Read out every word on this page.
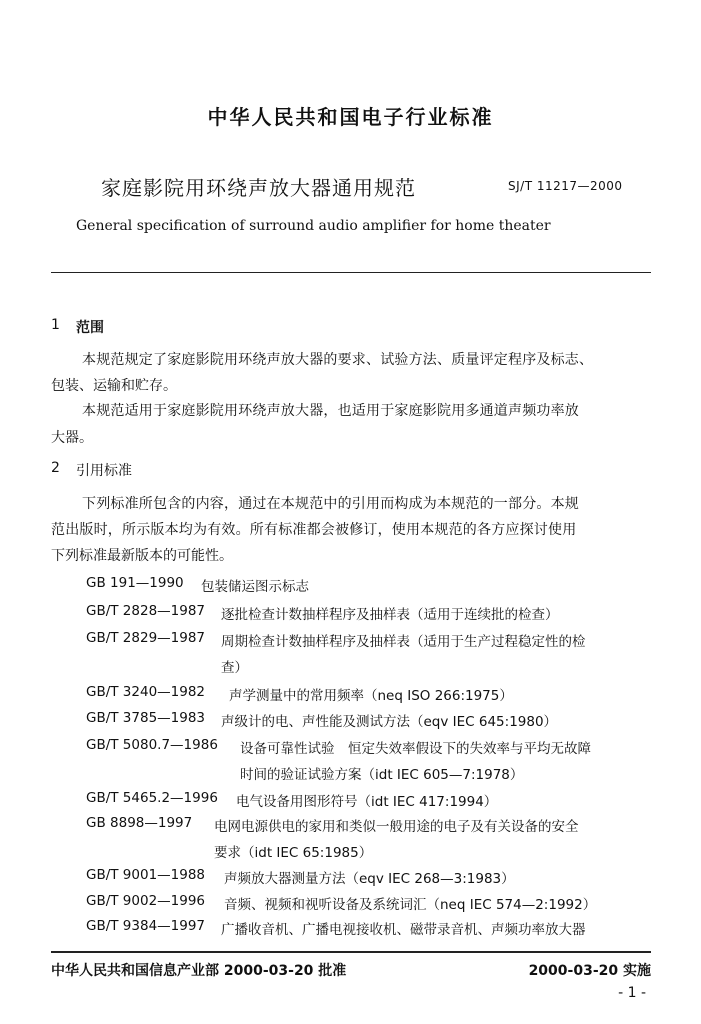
中华人民共和国电子行业标准
家庭影院用环绕声放大器通用规范	SJ/T 11217—2000
General specification of surround audio amplifier for home theater
1 范围
本规范规定了家庭影院用环绕声放大器的要求、试验方法、质量评定程序及标志、
包装、运输和贮存。
本规范适用于家庭影院用环绕声放大器，也适用于家庭影院用多通道声频功率放
大器。
2 引用标准
下列标准所包含的内容，通过在本规范中的引用而构成为本规范的一部分。本规
范出版时，所示版本均为有效。所有标准都会被修订，使用本规范的各方应探讨使用
下列标准最新版本的可能性。
GB 191—1990 包装储运图示标志
GB/T 2828—1987 逐批检查计数抽样程序及抽样表（适用于连续批的检查）
GB/T 2829—1987 周期检查计数抽样程序及抽样表（适用于生产过程稳定性的检
查）
GB/T 3240—1982 声学测量中的常用频率（neq ISO 266:1975）
GB/T 3785—1983 声级计的电、声性能及测试方法（eqv IEC 645:1980）
GB/T 5080.7—1986 设备可靠性试验　恒定失效率假设下的失效率与平均无故障
时间的验证试验方案（idt IEC 605—7:1978）
GB/T 5465.2—1996 电气设备用图形符号（idt IEC 417:1994）
GB 8898—1997 电网电源供电的家用和类似一般用途的电子及有关设备的安全
要求（idt IEC 65:1985）
GB/T 9001—1988 声频放大器测量方法（eqv IEC 268—3:1983）
GB/T 9002—1996 音频、视频和视听设备及系统词汇（neq IEC 574—2:1992）
GB/T 9384—1997 广播收音机、广播电视接收机、磁带录音机、声频功率放大器
中华人民共和国信息产业部 2000-03-20 批准	2000-03-20 实施
- 1 -
